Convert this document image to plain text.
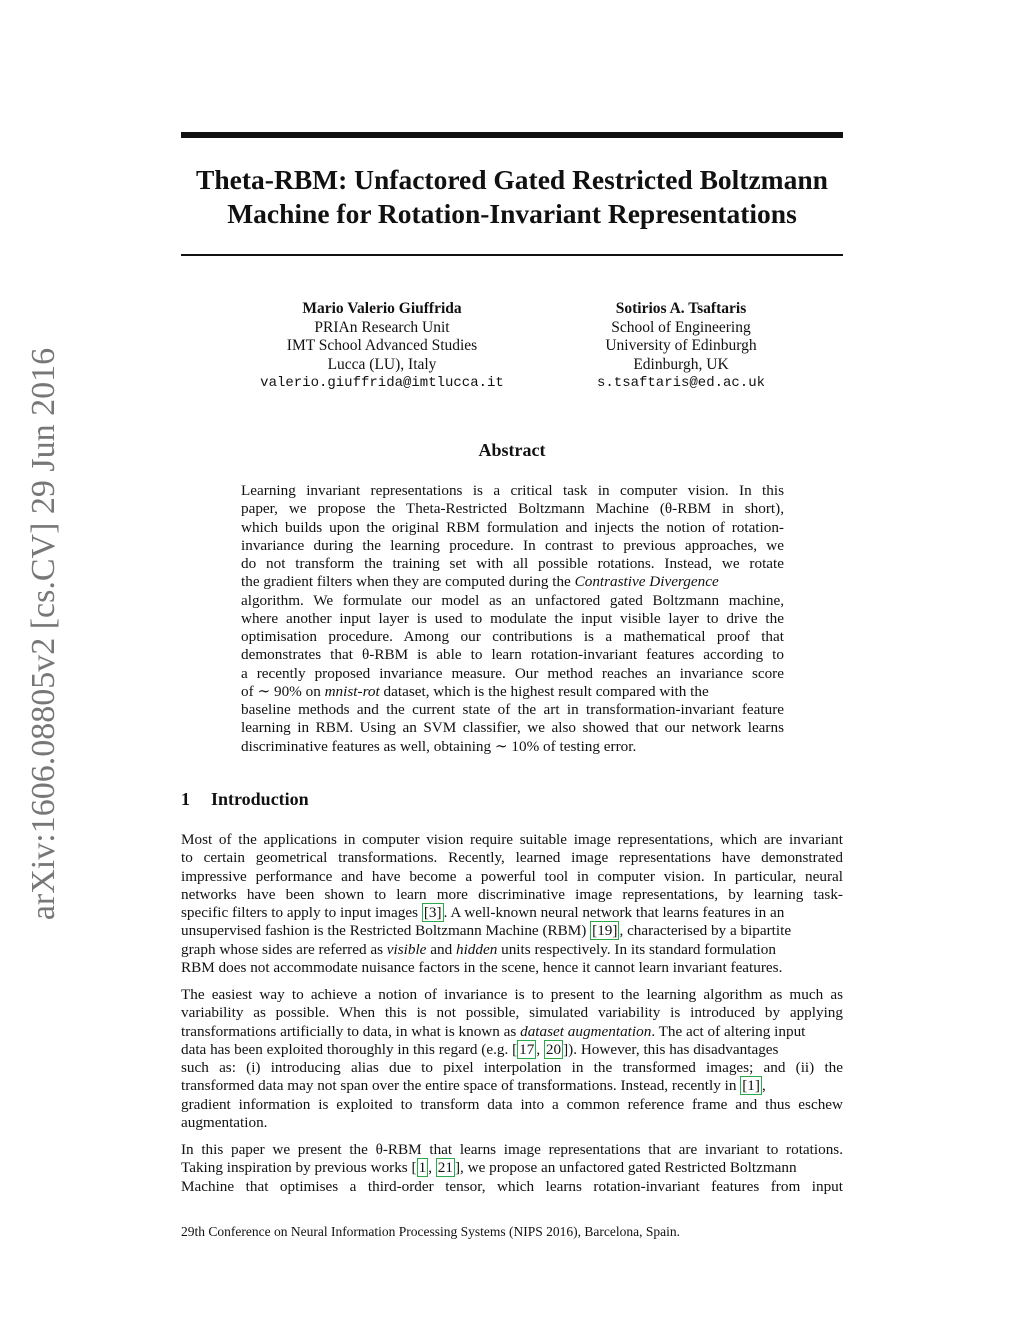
arXiv:1606.08805v2 [cs.CV] 29 Jun 2016
Theta-RBM: Unfactored Gated Restricted Boltzmann
Machine for Rotation-Invariant Representations
Mario Valerio Giuffrida
PRIAn Research Unit
IMT School Advanced Studies
Lucca (LU), Italy
valerio.giuffrida@imtlucca.it
Sotirios A. Tsaftaris
School of Engineering
University of Edinburgh
Edinburgh, UK
s.tsaftaris@ed.ac.uk
Abstract
Learning invariant representations is a critical task in computer vision. In this
paper, we propose the Theta-Restricted Boltzmann Machine (θ-RBM in short),
which builds upon the original RBM formulation and injects the notion of rotation-
invariance during the learning procedure. In contrast to previous approaches, we
do not transform the training set with all possible rotations. Instead, we rotate
the gradient filters when they are computed during the Contrastive Divergence
algorithm. We formulate our model as an unfactored gated Boltzmann machine,
where another input layer is used to modulate the input visible layer to drive the
optimisation procedure. Among our contributions is a mathematical proof that
demonstrates that θ-RBM is able to learn rotation-invariant features according to
a recently proposed invariance measure. Our method reaches an invariance score
of ∼ 90% on mnist-rot dataset, which is the highest result compared with the
baseline methods and the current state of the art in transformation-invariant feature
learning in RBM. Using an SVM classifier, we also showed that our network learns
discriminative features as well, obtaining ∼ 10% of testing error.
1 Introduction
Most of the applications in computer vision require suitable image representations, which are invariant
to certain geometrical transformations. Recently, learned image representations have demonstrated
impressive performance and have become a powerful tool in computer vision. In particular, neural
networks have been shown to learn more discriminative image representations, by learning task-
specific filters to apply to input images [3] . A well-known neural network that learns features in an
unsupervised fashion is the Restricted Boltzmann Machine (RBM) [19] , characterised by a bipartite
graph whose sides are referred as visible and hidden units respectively. In its standard formulation
RBM does not accommodate nuisance factors in the scene, hence it cannot learn invariant features.
The easiest way to achieve a notion of invariance is to present to the learning algorithm as much as
variability as possible. When this is not possible, simulated variability is introduced by applying
transformations artificially to data, in what is known as dataset augmentation. The act of altering input
data has been exploited thoroughly in this regard (e.g. [ 17 , 20 ]). However, this has disadvantages
such as: (i) introducing alias due to pixel interpolation in the transformed images; and (ii) the
transformed data may not span over the entire space of transformations. Instead, recently in [1] ,
gradient information is exploited to transform data into a common reference frame and thus eschew
augmentation.
In this paper we present the θ-RBM that learns image representations that are invariant to rotations.
Taking inspiration by previous works [ 1 , 21 ], we propose an unfactored gated Restricted Boltzmann
Machine that optimises a third-order tensor, which learns rotation-invariant features from input
29th Conference on Neural Information Processing Systems (NIPS 2016), Barcelona, Spain.
